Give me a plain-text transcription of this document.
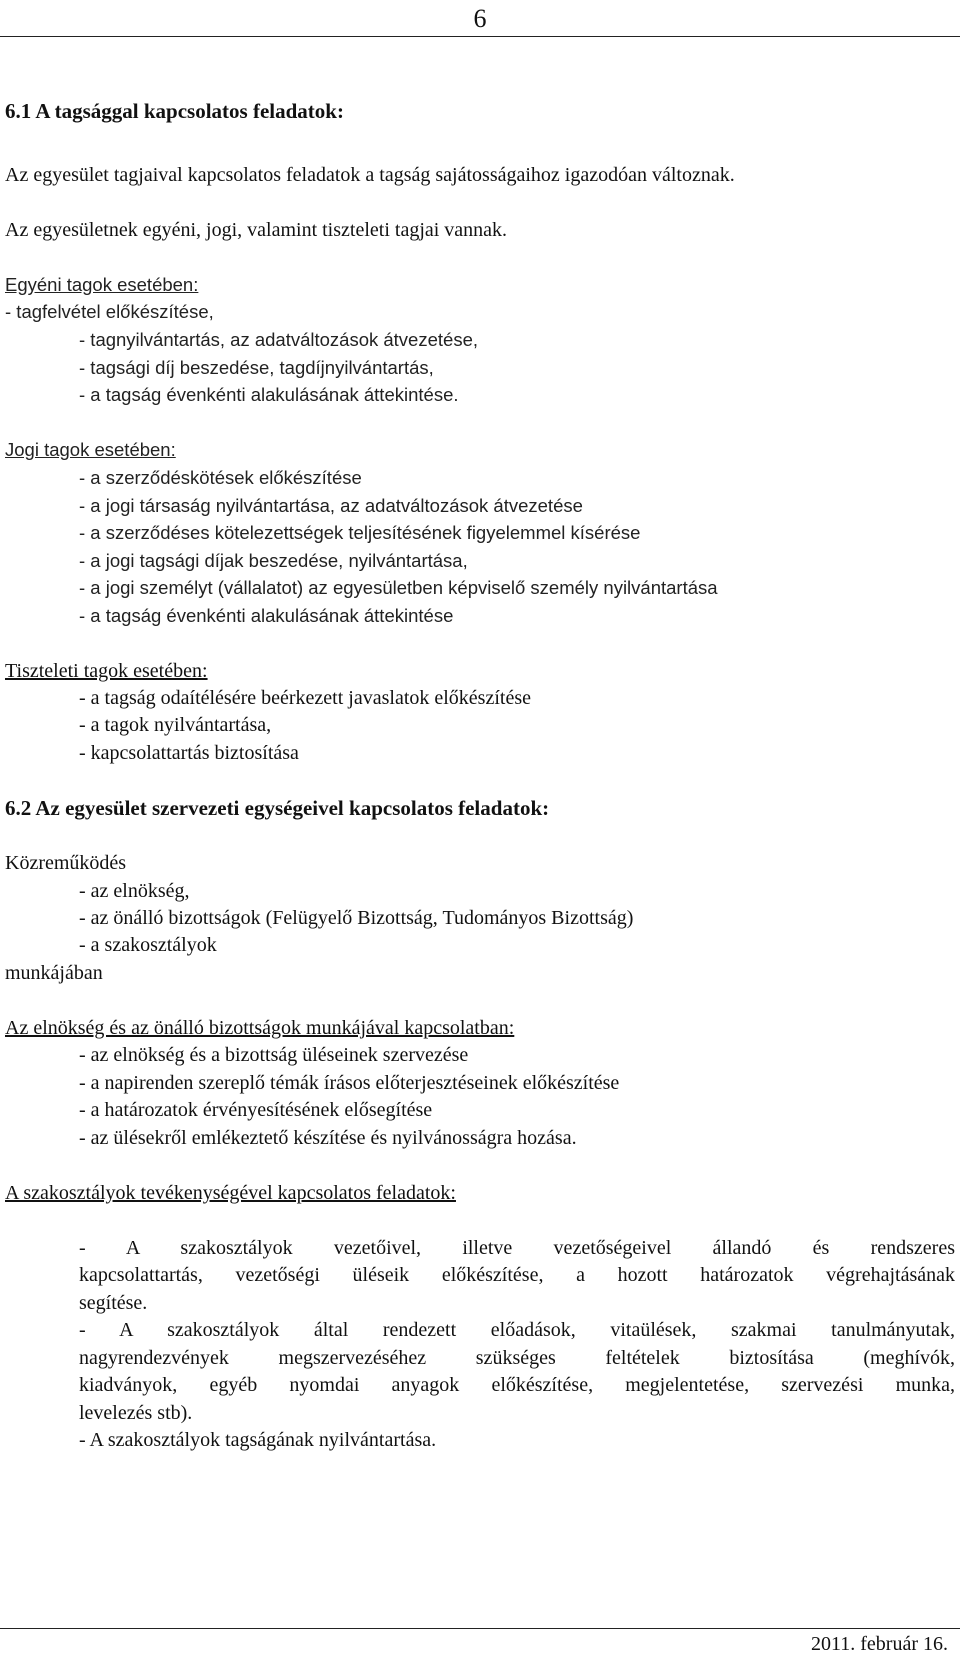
6
6.1 A tagsággal kapcsolatos feladatok:
Az egyesület tagjaival kapcsolatos feladatok a tagság sajátosságaihoz igazodóan változnak.
Az egyesületnek egyéni, jogi, valamint tiszteleti tagjai vannak.
Egyéni tagok esetében:
- tagfelvétel előkészítése,
- tagnyilvántartás, az adatváltozások átvezetése,
- tagsági díj beszedése, tagdíjnyilvántartás,
- a tagság évenkénti alakulásának áttekintése.
Jogi tagok esetében:
- a szerződéskötések előkészítése
- a jogi társaság nyilvántartása, az adatváltozások átvezetése
- a szerződéses kötelezettségek teljesítésének figyelemmel kísérése
- a jogi tagsági díjak beszedése, nyilvántartása,
- a jogi személyt (vállalatot) az egyesületben képviselő személy nyilvántartása
- a tagság évenkénti alakulásának áttekintése
Tiszteleti tagok esetében:
- a tagság odaítélésére beérkezett javaslatok előkészítése
- a tagok nyilvántartása,
- kapcsolattartás biztosítása
6.2 Az egyesület szervezeti egységeivel kapcsolatos feladatok:
Közreműködés
- az elnökség,
- az önálló bizottságok (Felügyelő Bizottság, Tudományos Bizottság)
- a szakosztályok
munkájában
Az elnökség és az önálló bizottságok munkájával kapcsolatban:
- az elnökség és a bizottság üléseinek szervezése
- a napirenden szereplő témák írásos előterjesztéseinek előkészítése
- a határozatok érvényesítésének elősegítése
- az ülésekről emlékeztető készítése és nyilvánosságra hozása.
A szakosztályok tevékenységével kapcsolatos feladatok:
- A szakosztályok vezetőivel, illetve vezetőségeivel állandó és rendszeres
kapcsolattartás, vezetőségi üléseik előkészítése, a hozott határozatok végrehajtásának
segítése.
- A szakosztályok által rendezett előadások, vitaülések, szakmai tanulmányutak,
nagyrendezvények megszervezéséhez szükséges feltételek biztosítása (meghívók,
kiadványok, egyéb nyomdai anyagok előkészítése, megjelentetése, szervezési munka,
levelezés stb).
- A szakosztályok tagságának nyilvántartása.
2011. február 16.
